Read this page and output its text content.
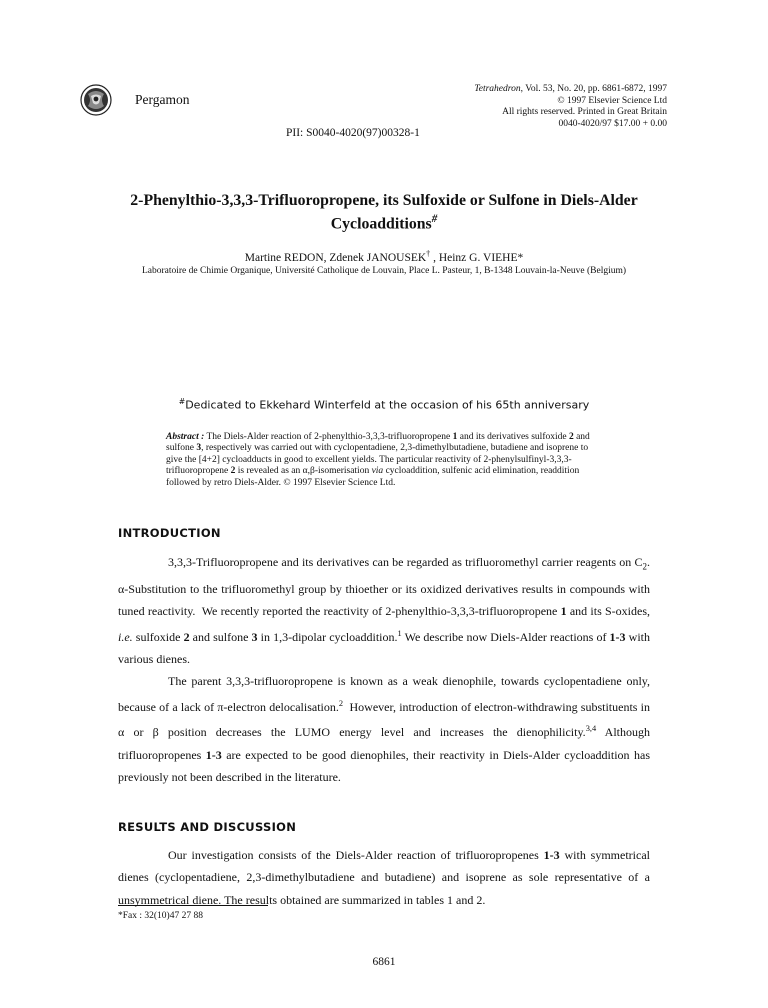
Pergamon
Tetrahedron, Vol. 53, No. 20, pp. 6861-6872, 1997
© 1997 Elsevier Science Ltd
All rights reserved. Printed in Great Britain
0040-4020/97 $17.00 + 0.00
PII: S0040-4020(97)00328-1
2-Phenylthio-3,3,3-Trifluoropropene, its Sulfoxide or Sulfone in Diels-Alder Cycloadditions#
Martine REDON, Zdenek JANOUSEK† , Heinz G. VIEHE*
Laboratoire de Chimie Organique, Université Catholique de Louvain, Place L. Pasteur, 1, B-1348 Louvain-la-Neuve (Belgium)
#Dedicated to Ekkehard Winterfeld at the occasion of his 65th anniversary
Abstract : The Diels-Alder reaction of 2-phenylthio-3,3,3-trifluoropropene 1 and its derivatives sulfoxide 2 and sulfone 3, respectively was carried out with cyclopentadiene, 2,3-dimethylbutadiene, butadiene and isoprene to give the [4+2] cycloadducts in good to excellent yields. The particular reactivity of 2-phenylsulfinyl-3,3,3-trifluoropropene 2 is revealed as an α,β-isomerisation via cycloaddition, sulfenic acid elimination, readdition followed by retro Diels-Alder. © 1997 Elsevier Science Ltd.
INTRODUCTION

3,3,3-Trifluoropropene and its derivatives can be regarded as trifluoromethyl carrier reagents on $C_2$. α-Substitution to the trifluoromethyl group by thioether or its oxidized derivatives results in compounds with tuned reactivity.  We recently reported the reactivity of 2-phenylthio-3,3,3-trifluoropropene 1 and its S-oxides, i.e. sulfoxide 2 and sulfone 3 in 1,3-dipolar cycloaddition.$^1$ We describe now Diels-Alder reactions of 1-3 with various dienes.

The parent 3,3,3-trifluoropropene is known as a weak dienophile, towards cyclopentadiene only, because of a lack of π-electron delocalisation.$^2$  However, introduction of electron-withdrawing substituents in α or β position decreases the LUMO energy level and increases the dienophilicity.$^{3,4}$ Although trifluoropropenes 1-3 are expected to be good dienophiles, their reactivity in Diels-Alder cycloaddition has previously not been described in the literature.

RESULTS AND DISCUSSION

Our investigation consists of the Diels-Alder reaction of trifluoropropenes 1-3 with symmetrical dienes (cyclopentadiene, 2,3-dimethylbutadiene and butadiene) and isoprene as sole representative of a unsymmetrical diene. The results obtained are summarized in tables 1 and 2.

*Fax : 32(10)47 27 88
6861
